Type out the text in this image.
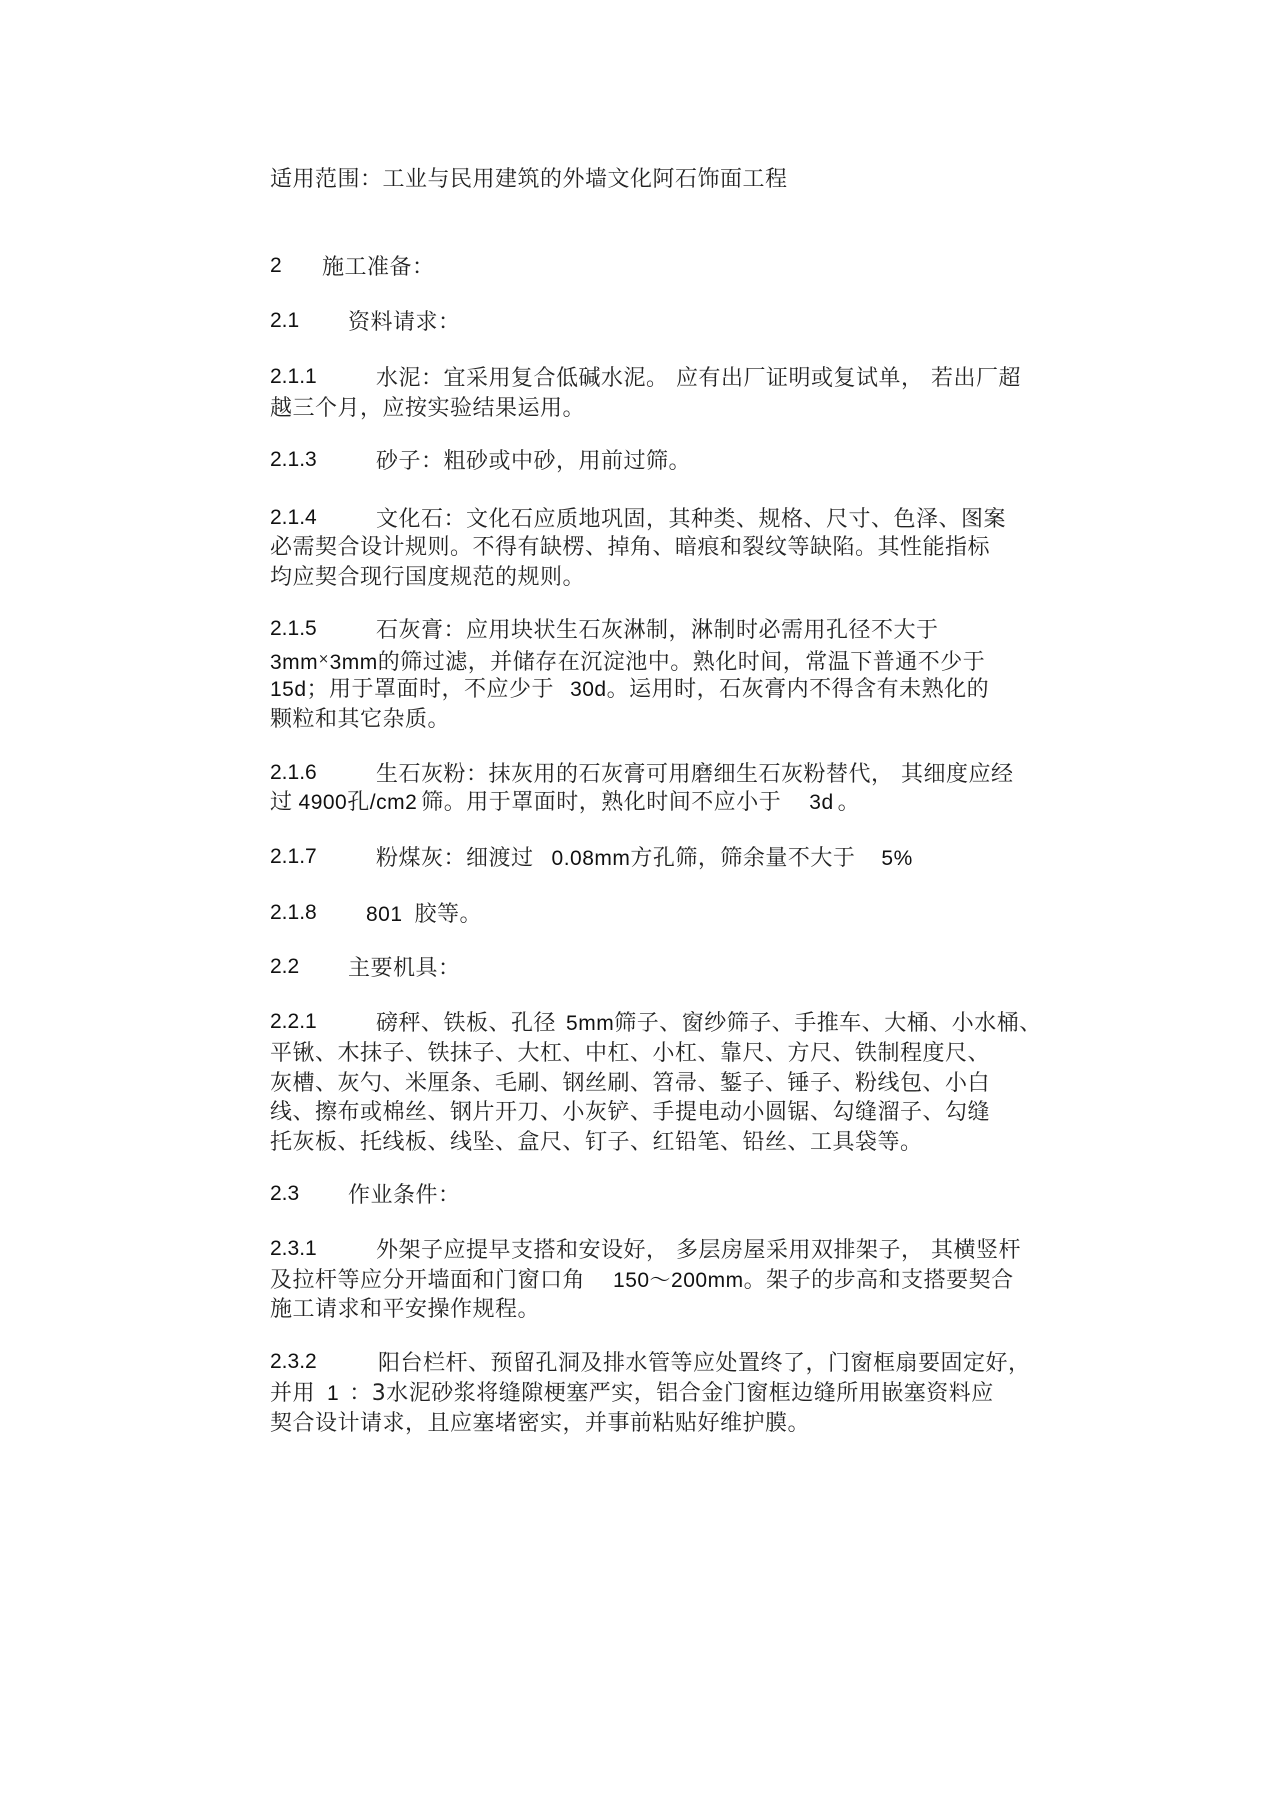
适用范围：工业与民用建筑的外墙文化阿石饰面工程
2 施工准备：
2.1 资料请求：
2.1.1	水泥：宜采用复合低碱水泥。 应有出厂证明或复试单， 若出厂超
越三个月，应按实验结果运用。
2.1.3	砂子：粗砂或中砂，用前过筛。
2.1.4	文化石：文化石应质地巩固，其种类、规格、尺寸、色泽、图案
必需契合设计规则。不得有缺楞、掉角、暗痕和裂纹等缺陷。其性能指标
均应契合现行国度规范的规则。
2.1.5	石灰膏：应用块状生石灰淋制，淋制时必需用孔径不大于
3mm×3mm的筛过滤，并储存在沉淀池中。熟化时间，常温下普通不少于
15d；用于罩面时，不应少于 30d。运用时，石灰膏内不得含有未熟化的
颗粒和其它杂质。
2.1.6	生石灰粉：抹灰用的石灰膏可用磨细生石灰粉替代， 其细度应经
过 4900孔/cm2 筛。用于罩面时，熟化时间不应小于 3d 。
2.1.7	粉煤灰：细渡过 0.08mm方孔筛，筛余量不大于 5%
2.1.8 801 胶等。
2.2 主要机具：
2.2.1	磅秤、铁板、孔径 5mm筛子、窗纱筛子、手推车、大桶、小水桶、
平锹、木抹子、铁抹子、大杠、中杠、小杠、靠尺、方尺、铁制程度尺、
灰槽、灰勺、米厘条、毛刷、钢丝刷、笤帚、錾子、锤子、粉线包、小白
线、擦布或棉丝、钢片开刀、小灰铲、手提电动小圆锯、勾缝溜子、勾缝
托灰板、托线板、线坠、盒尺、钉子、红铅笔、铅丝、工具袋等。
2.3 作业条件：
2.3.1	外架子应提早支搭和安设好， 多层房屋采用双排架子， 其横竖杆
及拉杆等应分开墙面和门窗口角 150～200mm。架子的步高和支搭要契合
施工请求和平安操作规程。
2.3.2	阳台栏杆、预留孔洞及排水管等应处置终了，门窗框扇要固定好，
并用 1 ：3水泥砂浆将缝隙梗塞严实，铝合金门窗框边缝所用嵌塞资料应
契合设计请求，且应塞堵密实，并事前粘贴好维护膜。
